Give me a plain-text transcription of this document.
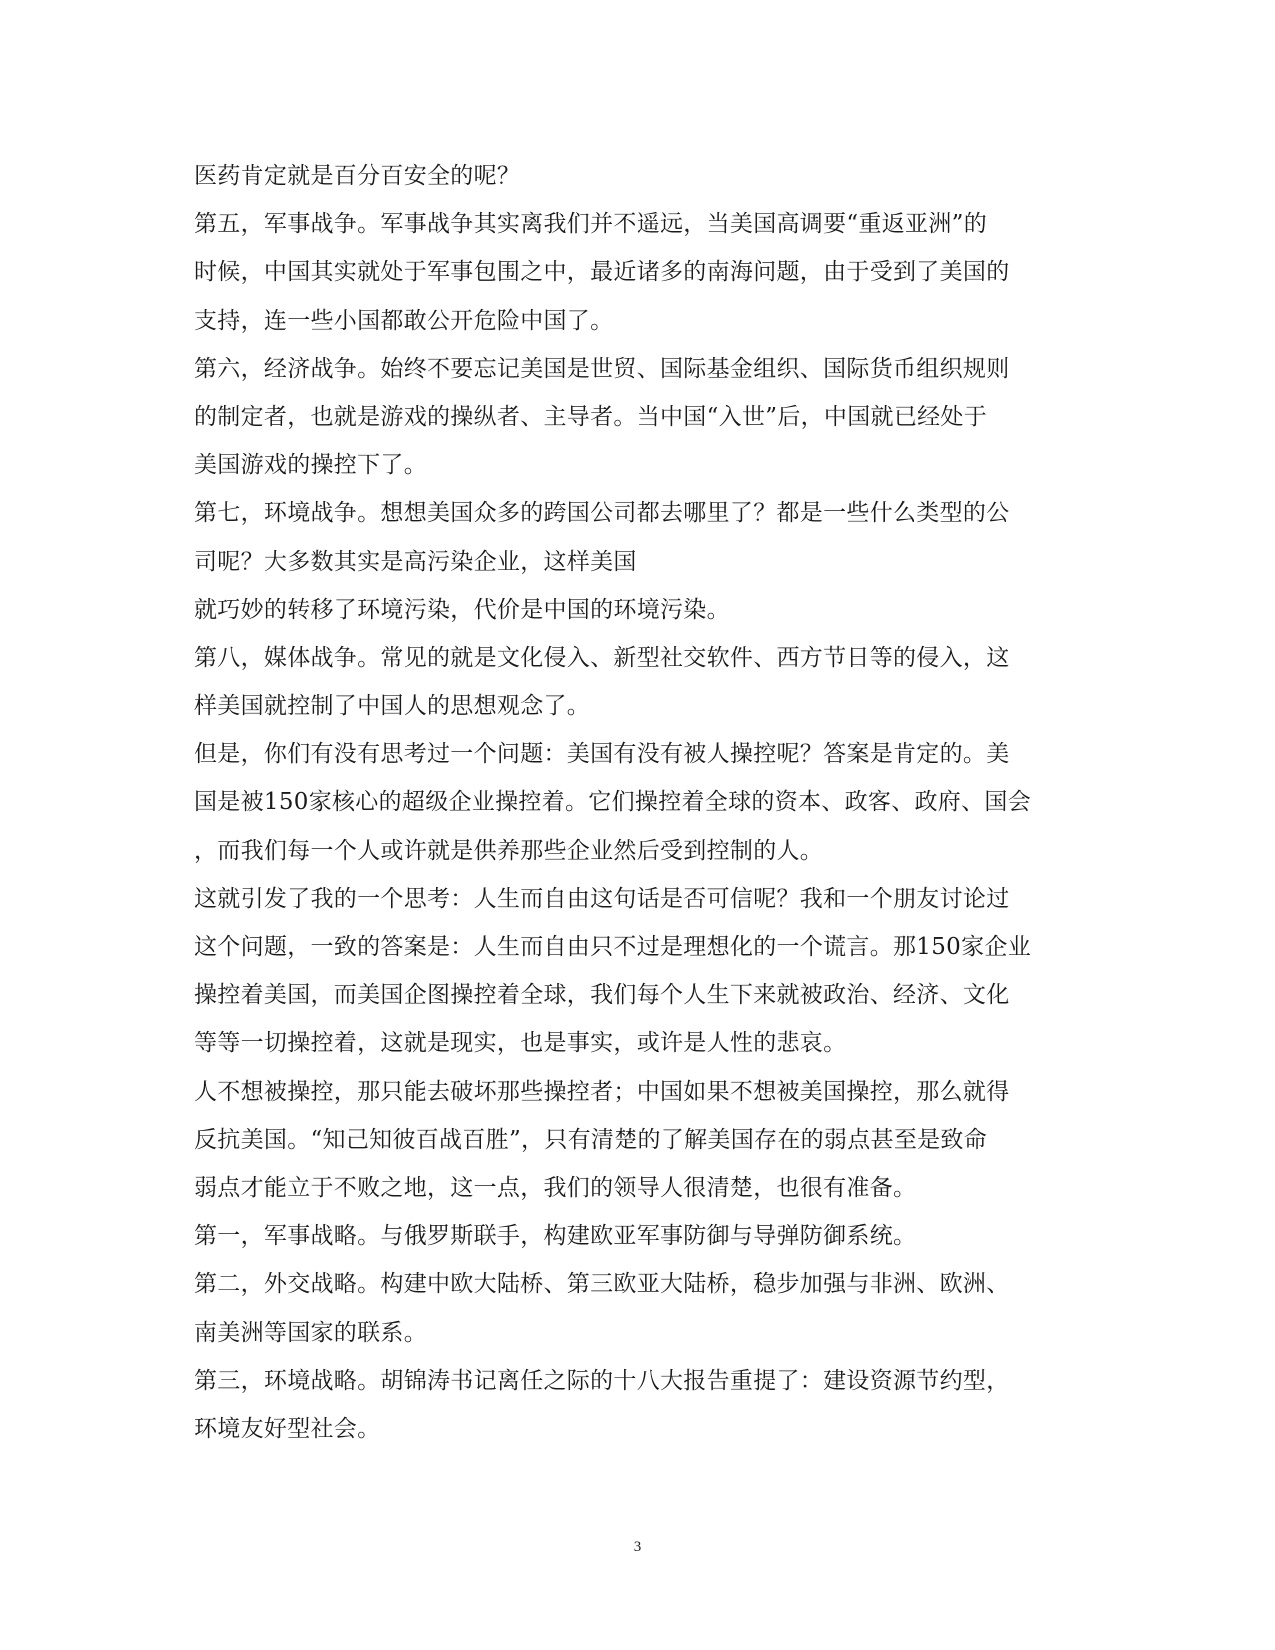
医药肯定就是百分百安全的呢？
第五，军事战争。军事战争其实离我们并不遥远，当美国高调要“重返亚洲”的
时候，中国其实就处于军事包围之中，最近诸多的南海问题，由于受到了美国的
支持，连一些小国都敢公开危险中国了。
第六，经济战争。始终不要忘记美国是世贸、国际基金组织、国际货币组织规则
的制定者，也就是游戏的操纵者、主导者。当中国“入世”后，中国就已经处于
美国游戏的操控下了。
第七，环境战争。想想美国众多的跨国公司都去哪里了？都是一些什么类型的公
司呢？大多数其实是高污染企业，这样美国
就巧妙的转移了环境污染，代价是中国的环境污染。
第八，媒体战争。常见的就是文化侵入、新型社交软件、西方节日等的侵入，这
样美国就控制了中国人的思想观念了。
但是，你们有没有思考过一个问题：美国有没有被人操控呢？答案是肯定的。美
国是被150家核心的超级企业操控着。它们操控着全球的资本、政客、政府、国会
，而我们每一个人或许就是供养那些企业然后受到控制的人。
这就引发了我的一个思考：人生而自由这句话是否可信呢？我和一个朋友讨论过
这个问题，一致的答案是：人生而自由只不过是理想化的一个谎言。那150家企业
操控着美国，而美国企图操控着全球，我们每个人生下来就被政治、经济、文化
等等一切操控着，这就是现实，也是事实，或许是人性的悲哀。
人不想被操控，那只能去破坏那些操控者；中国如果不想被美国操控，那么就得
反抗美国。“知己知彼百战百胜”，只有清楚的了解美国存在的弱点甚至是致命
弱点才能立于不败之地，这一点，我们的领导人很清楚，也很有准备。
第一，军事战略。与俄罗斯联手，构建欧亚军事防御与导弹防御系统。
第二，外交战略。构建中欧大陆桥、第三欧亚大陆桥，稳步加强与非洲、欧洲、
南美洲等国家的联系。
第三，环境战略。胡锦涛书记离任之际的十八大报告重提了：建设资源节约型，
环境友好型社会。
3
